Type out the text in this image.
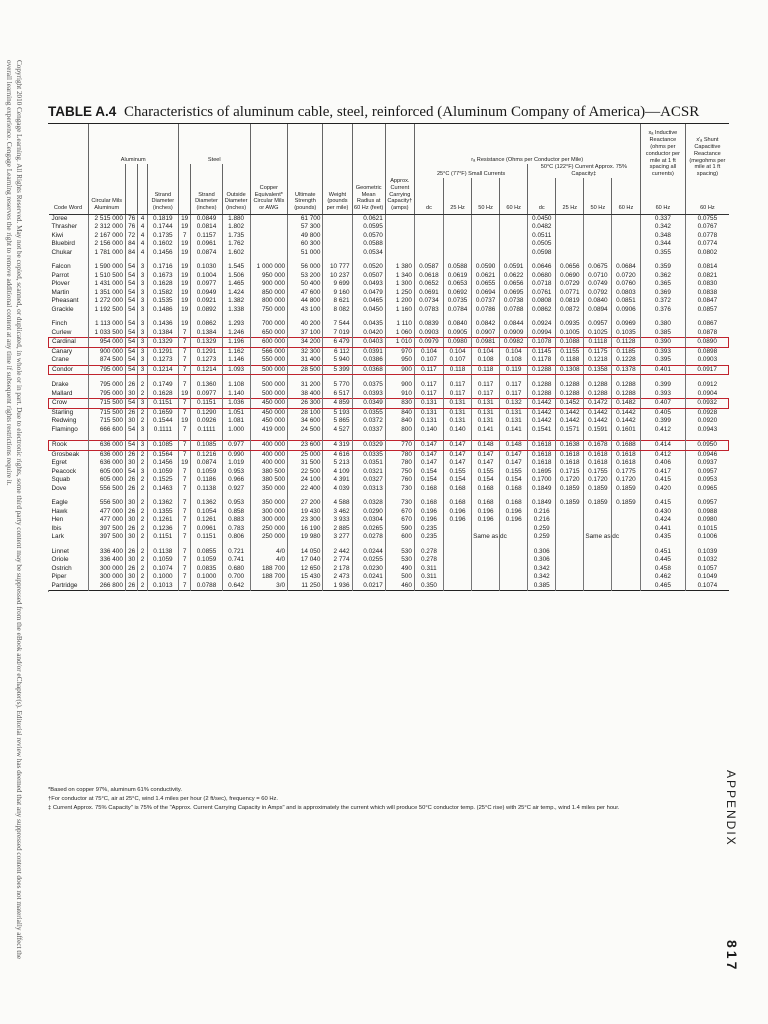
Copyright 2010 Cengage Learning. All Rights Reserved. May not be copied, scanned, or duplicated, in whole or in part. Due to electronic rights, some third party content may be suppressed from the eBook and/or eChapter(s). Editorial review has deemed that any suppressed content does not materially affect the overall learning experience. Cengage Learning reserves the right to remove additional content at any time if subsequent rights restrictions require it.
APPENDIX
817
TABLE A.4 Characteristics of aluminum cable, steel, reinforced (Aluminum Company of America)—ACSR
	Aluminum				Steel								rₐ Resistance (Ohms per Conductor per Mile)								xₐ Inductive Reactance (ohms per conductor per mile at 1 ft spacing all currents)	x'ₐ Shunt Capacitive Reactance (megohms per mile at 1 ft spacing)
													25°C (77°F) Small Currents				50°C (122°F) Current Approx. 75% Capacity‡					
Code Word	Circular Mils Aluminum			Strand Diameter (inches)		Strand Diameter (inches)	Outside Diameter (inches)	Copper Equivalent* Circular Mils or AWG	Ultimate Strength (pounds)	Weight (pounds per mile)	Geometric Mean Radius at 60 Hz (feet)	Approx. Current Carrying Capacity† (amps)	dc	25 Hz	50 Hz	60 Hz	dc	25 Hz	50 Hz	60 Hz	60 Hz	60 Hz
Joree	2 515 000	76	4	0.1819	19	0.0849	1.880		61 700		0.0621						0.0450				0.337	0.0755
Thrasher	2 312 000	76	4	0.1744	19	0.0814	1.802		57 300		0.0595						0.0482				0.342	0.0767
Kiwi	2 167 000	72	4	0.1735	7	0.1157	1.735		49 800		0.0570						0.0511				0.348	0.0778
Bluebird	2 156 000	84	4	0.1602	19	0.0961	1.762		60 300		0.0588						0.0505				0.344	0.0774
Chukar	1 781 000	84	4	0.1456	19	0.0874	1.602		51 000		0.0534						0.0598				0.355	0.0802

Falcon	1 590 000	54	3	0.1716	19	0.1030	1.545	1 000 000	56 000	10 777	0.0520	1 380	0.0587	0.0588	0.0590	0.0591	0.0646	0.0656	0.0675	0.0684	0.359	0.0814
Parrot	1 510 500	54	3	0.1673	19	0.1004	1.506	950 000	53 200	10 237	0.0507	1 340	0.0618	0.0619	0.0621	0.0622	0.0680	0.0690	0.0710	0.0720	0.362	0.0821
Plover	1 431 000	54	3	0.1628	19	0.0977	1.465	900 000	50 400	9 699	0.0493	1 300	0.0652	0.0653	0.0655	0.0656	0.0718	0.0729	0.0749	0.0760	0.365	0.0830
Martin	1 351 000	54	3	0.1582	19	0.0949	1.424	850 000	47 600	9 160	0.0479	1 250	0.0691	0.0692	0.0694	0.0695	0.0761	0.0771	0.0792	0.0803	0.369	0.0838
Pheasant	1 272 000	54	3	0.1535	19	0.0921	1.382	800 000	44 800	8 621	0.0465	1 200	0.0734	0.0735	0.0737	0.0738	0.0808	0.0819	0.0840	0.0851	0.372	0.0847
Grackle	1 192 500	54	3	0.1486	19	0.0892	1.338	750 000	43 100	8 082	0.0450	1 160	0.0783	0.0784	0.0786	0.0788	0.0862	0.0872	0.0894	0.0906	0.376	0.0857

Finch	1 113 000	54	3	0.1436	19	0.0862	1.293	700 000	40 200	7 544	0.0435	1 110	0.0839	0.0840	0.0842	0.0844	0.0924	0.0935	0.0957	0.0969	0.380	0.0867
Curlew	1 033 500	54	3	0.1384	7	0.1384	1.246	650 000	37 100	7 019	0.0420	1 060	0.0903	0.0905	0.0907	0.0909	0.0994	0.1005	0.1025	0.1035	0.385	0.0878
Cardinal	954 000	54	3	0.1329	7	0.1329	1.196	600 000	34 200	6 479	0.0403	1 010	0.0979	0.0980	0.0981	0.0982	0.1078	0.1088	0.1118	0.1128	0.390	0.0890
Canary	900 000	54	3	0.1291	7	0.1291	1.162	566 000	32 300	6 112	0.0391	970	0.104	0.104	0.104	0.104	0.1145	0.1155	0.1175	0.1185	0.393	0.0898
Crane	874 500	54	3	0.1273	7	0.1273	1.146	550 000	31 400	5 940	0.0386	950	0.107	0.107	0.108	0.108	0.1178	0.1188	0.1218	0.1228	0.395	0.0903
Condor	795 000	54	3	0.1214	7	0.1214	1.093	500 000	28 500	5 399	0.0368	900	0.117	0.118	0.118	0.119	0.1288	0.1308	0.1358	0.1378	0.401	0.0917

Drake	795 000	26	2	0.1749	7	0.1360	1.108	500 000	31 200	5 770	0.0375	900	0.117	0.117	0.117	0.117	0.1288	0.1288	0.1288	0.1288	0.399	0.0912
Mallard	795 000	30	2	0.1628	19	0.0977	1.140	500 000	38 400	6 517	0.0393	910	0.117	0.117	0.117	0.117	0.1288	0.1288	0.1288	0.1288	0.393	0.0904
Crow	715 500	54	3	0.1151	7	0.1151	1.036	450 000	26 300	4 859	0.0349	830	0.131	0.131	0.131	0.132	0.1442	0.1452	0.1472	0.1482	0.407	0.0932
Starling	715 500	26	2	0.1659	7	0.1290	1.051	450 000	28 100	5 193	0.0355	840	0.131	0.131	0.131	0.131	0.1442	0.1442	0.1442	0.1442	0.405	0.0928
Redwing	715 500	30	2	0.1544	19	0.0926	1.081	450 000	34 600	5 865	0.0372	840	0.131	0.131	0.131	0.131	0.1442	0.1442	0.1442	0.1442	0.399	0.0920
Flamingo	666 600	54	3	0.1111	7	0.1111	1.000	419 000	24 500	4 527	0.0337	800	0.140	0.140	0.141	0.141	0.1541	0.1571	0.1591	0.1601	0.412	0.0943

Rook	636 000	54	3	0.1085	7	0.1085	0.977	400 000	23 600	4 319	0.0329	770	0.147	0.147	0.148	0.148	0.1618	0.1638	0.1678	0.1688	0.414	0.0950
Grosbeak	636 000	26	2	0.1564	7	0.1216	0.990	400 000	25 000	4 616	0.0335	780	0.147	0.147	0.147	0.147	0.1618	0.1618	0.1618	0.1618	0.412	0.0946
Egret	636 000	30	2	0.1456	19	0.0874	1.019	400 000	31 500	5 213	0.0351	780	0.147	0.147	0.147	0.147	0.1618	0.1618	0.1618	0.1618	0.406	0.0937
Peacock	605 000	54	3	0.1059	7	0.1059	0.953	380 500	22 500	4 109	0.0321	750	0.154	0.155	0.155	0.155	0.1695	0.1715	0.1755	0.1775	0.417	0.0957
Squab	605 000	26	2	0.1525	7	0.1186	0.966	380 500	24 100	4 391	0.0327	760	0.154	0.154	0.154	0.154	0.1700	0.1720	0.1720	0.1720	0.415	0.0953
Dove	556 500	26	2	0.1463	7	0.1138	0.927	350 000	22 400	4 039	0.0313	730	0.168	0.168	0.168	0.168	0.1849	0.1859	0.1859	0.1859	0.420	0.0965

Eagle	556 500	30	2	0.1362	7	0.1362	0.953	350 000	27 200	4 588	0.0328	730	0.168	0.168	0.168	0.168	0.1849	0.1859	0.1859	0.1859	0.415	0.0957
Hawk	477 000	26	2	0.1355	7	0.1054	0.858	300 000	19 430	3 462	0.0290	670	0.196	0.196	0.196	0.196	0.216				0.430	0.0988
Hen	477 000	30	2	0.1261	7	0.1261	0.883	300 000	23 300	3 933	0.0304	670	0.196	0.196	0.196	0.196	0.216				0.424	0.0980
Ibis	397 500	26	2	0.1236	7	0.0961	0.783	250 000	16 190	2 885	0.0265	590	0.235				0.259				0.441	0.1015
Lark	397 500	30	2	0.1151	7	0.1151	0.806	250 000	19 980	3 277	0.0278	600	0.235		Same as dc		0.259		Same as dc		0.435	0.1006

Linnet	336 400	26	2	0.1138	7	0.0855	0.721	4/0	14 050	2 442	0.0244	530	0.278				0.306				0.451	0.1039
Oriole	336 400	30	2	0.1059	7	0.1059	0.741	4/0	17 040	2 774	0.0255	530	0.278				0.306				0.445	0.1032
Ostrich	300 000	26	2	0.1074	7	0.0835	0.680	188 700	12 650	2 178	0.0230	490	0.311				0.342				0.458	0.1057
Piper	300 000	30	2	0.1000	7	0.1000	0.700	188 700	15 430	2 473	0.0241	500	0.311				0.342				0.462	0.1049
Partridge	266 800	26	2	0.1013	7	0.0788	0.642	3/0	11 250	1 936	0.0217	460	0.350				0.385				0.465	0.1074

*Based on copper 97%, aluminum 61% conductivity.
†For conductor at 75°C, air at 25°C, wind 1.4 miles per hour (2 ft/sec), frequency = 60 Hz.
‡ Current Approx. 75% Capacity" is 75% of the "Approx. Current Carrying Capacity in Amps" and is approximately the current which will produce 50°C conductor temp. (25°C rise) with 25°C air temp., wind 1.4 miles per hour.
